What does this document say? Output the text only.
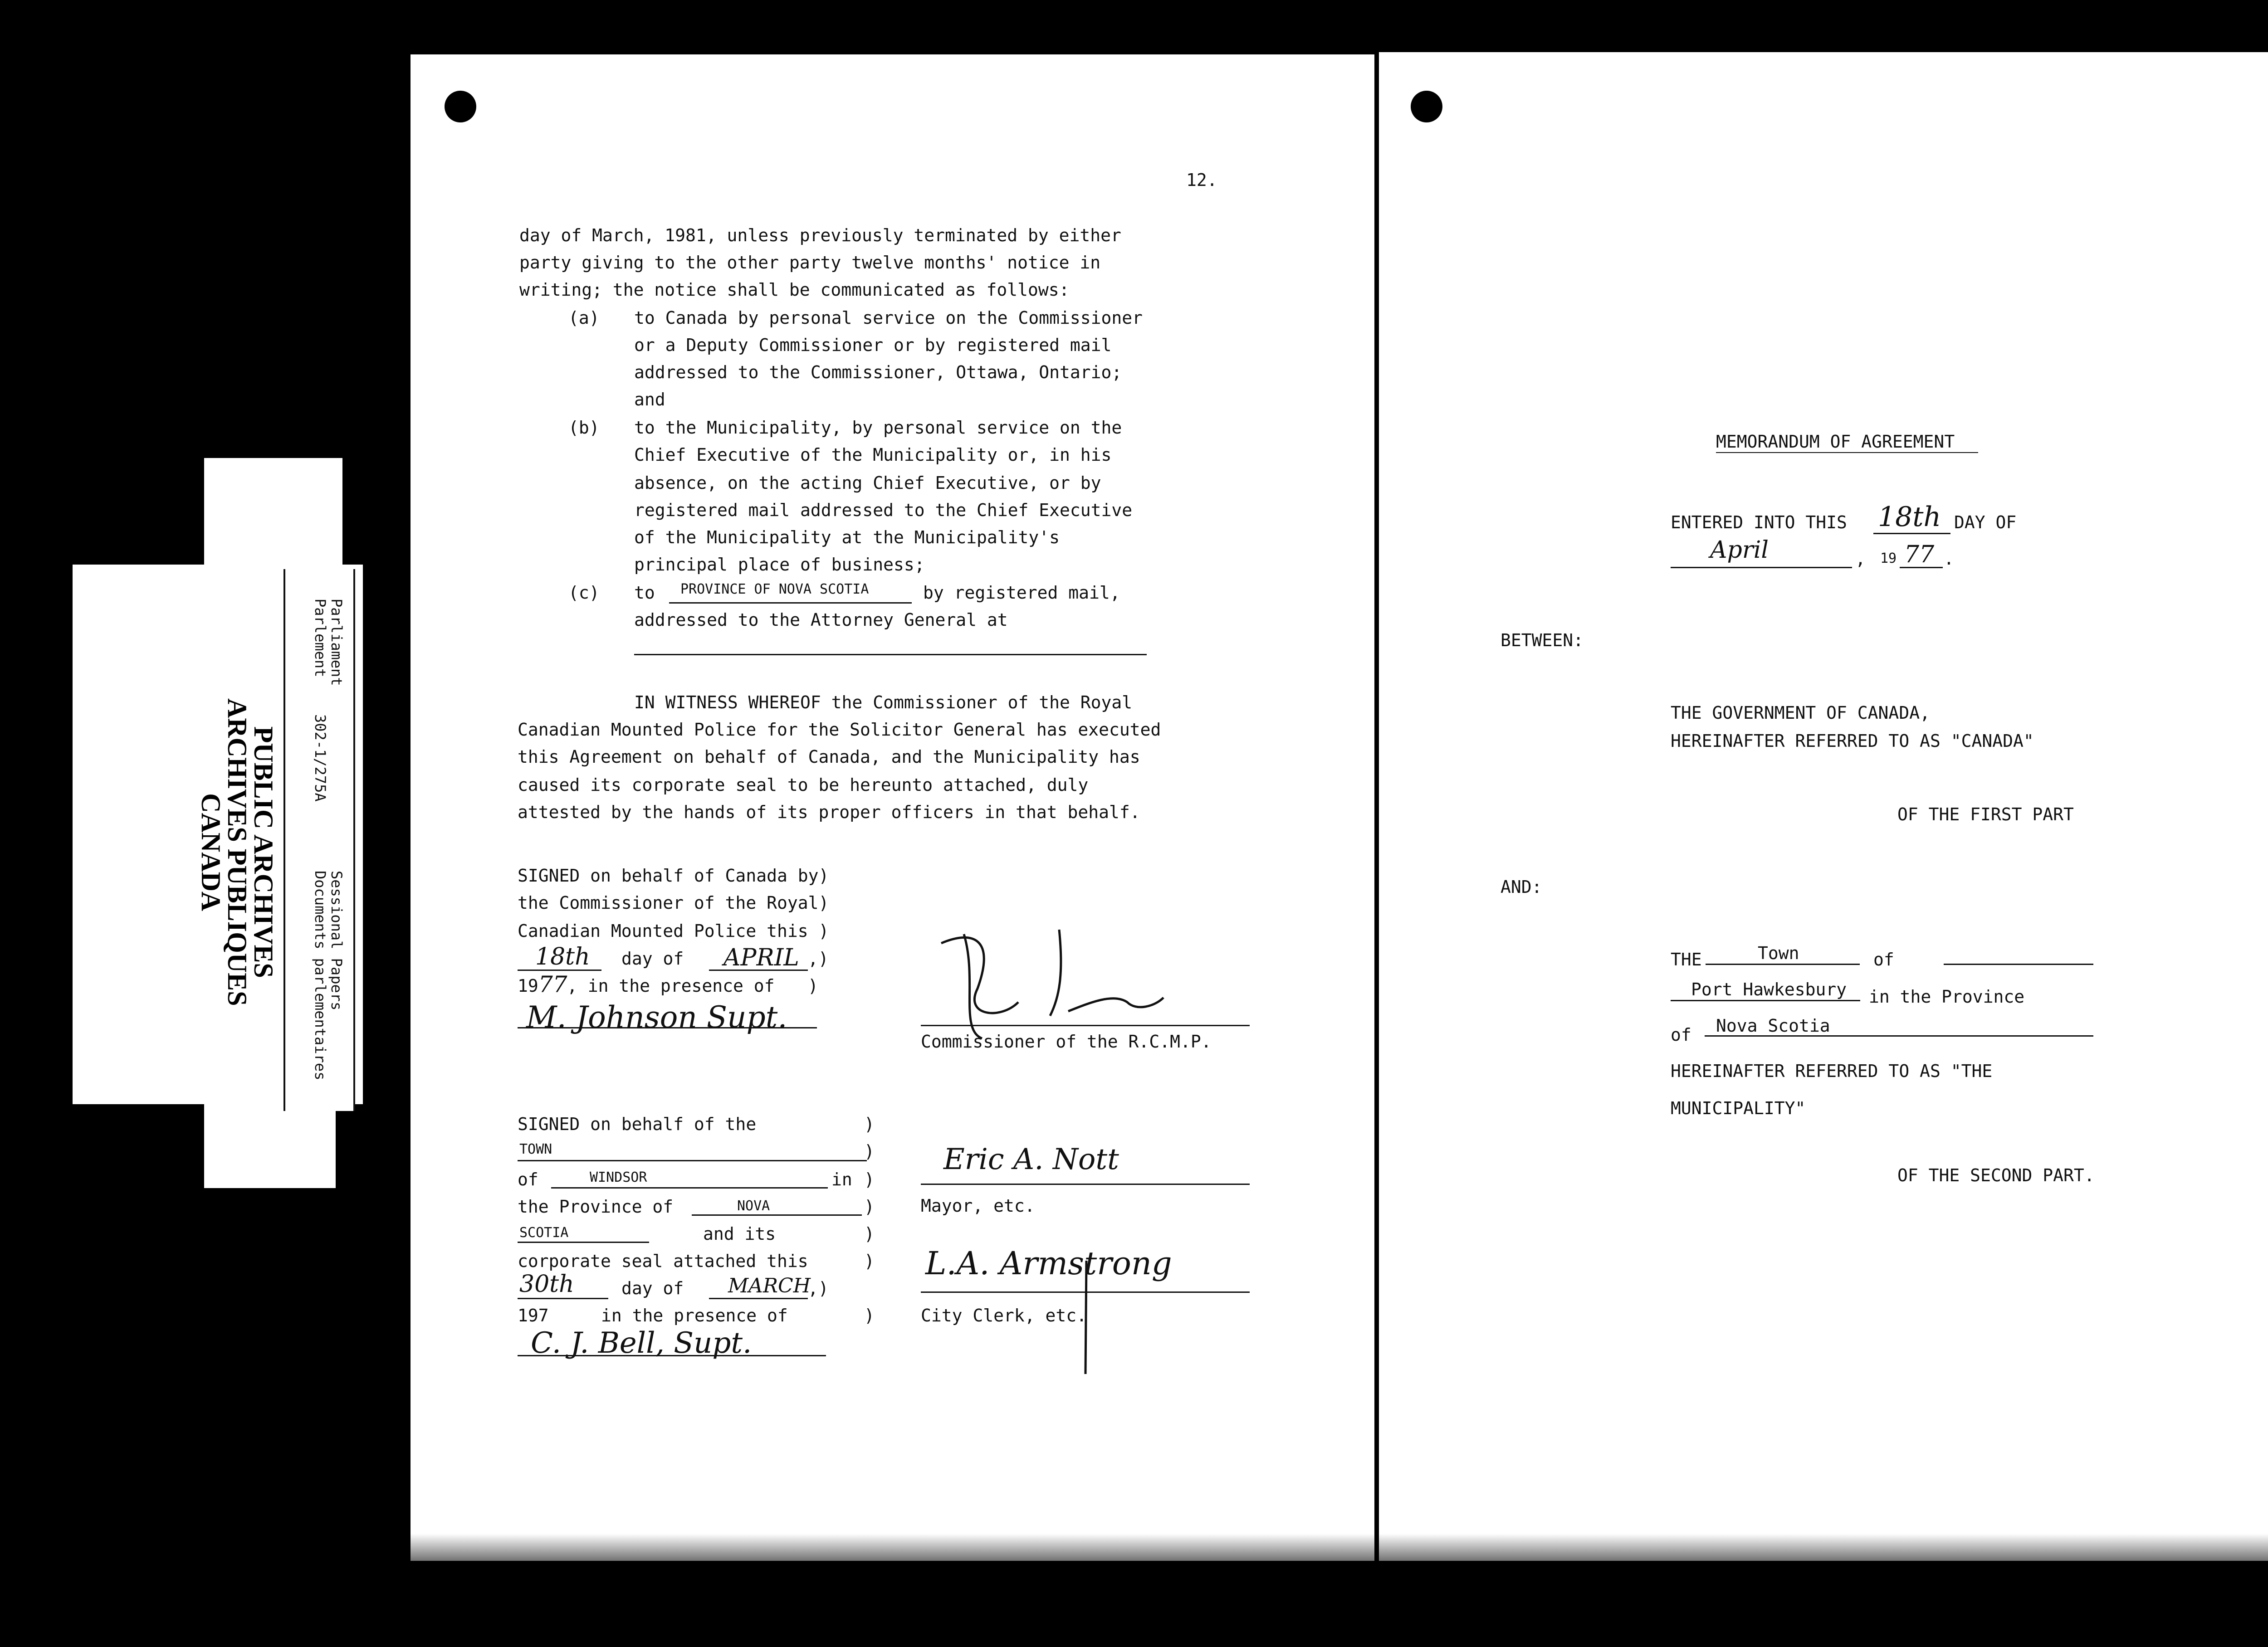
PUBLIC ARCHIVES
ARCHIVES PUBLIQUES
CANADA
Parliament
Parlement
302-1/275A
Sessional Papers
Documents parlementaires
12.
day of March, 1981, unless previously terminated by either
party giving to the other party twelve months' notice in
writing; the notice shall be communicated as follows:
(a) to Canada by personal service on the Commissioner
or a Deputy Commissioner or by registered mail
addressed to the Commissioner, Ottawa, Ontario;
and
(b) to the Municipality, by personal service on the
Chief Executive of the Municipality or, in his
absence, on the acting Chief Executive, or by
registered mail addressed to the Chief Executive
of the Municipality at the Municipality's
principal place of business;
(c) to PROVINCE OF NOVA SCOTIA	by registered mail,
addressed to the Attorney General at
IN WITNESS WHEREOF the Commissioner of the Royal
Canadian Mounted Police for the Solicitor General has executed
this Agreement on behalf of Canada, and the Municipality has
caused its corporate seal to be hereunto attached, duly
attested by the hands of its proper officers in that behalf.
SIGNED on behalf of Canada by)
the Commissioner of the Royal)
Canadian Mounted Police this )
18th day of APRIL ,)
19 77 , in the presence of )
M. Johnson Supt.
Commissioner of the R.C.M.P.
SIGNED on behalf of the	)
TOWN	)
of	WINDSOR	in )
the Province of	NOVA	)
SCOTIA	and its	)
corporate seal attached this	)
30th	day of MARCH
,)
197	in the presence of	)
C. J. Bell, Supt.
Eric A. Nott
Mayor, etc.
L.A. Armstrong
City Clerk, etc.
MEMORANDUM OF AGREEMENT
ENTERED INTO THIS 18th DAY OF
April	, 19 77 .
BETWEEN:
THE GOVERNMENT OF CANADA,
HEREINAFTER REFERRED TO AS "CANADA"
OF THE FIRST PART
AND:
THE	Town	of
Port Hawkesbury in the Province
of Nova Scotia
HEREINAFTER REFERRED TO AS "THE
MUNICIPALITY"
OF THE SECOND PART.
